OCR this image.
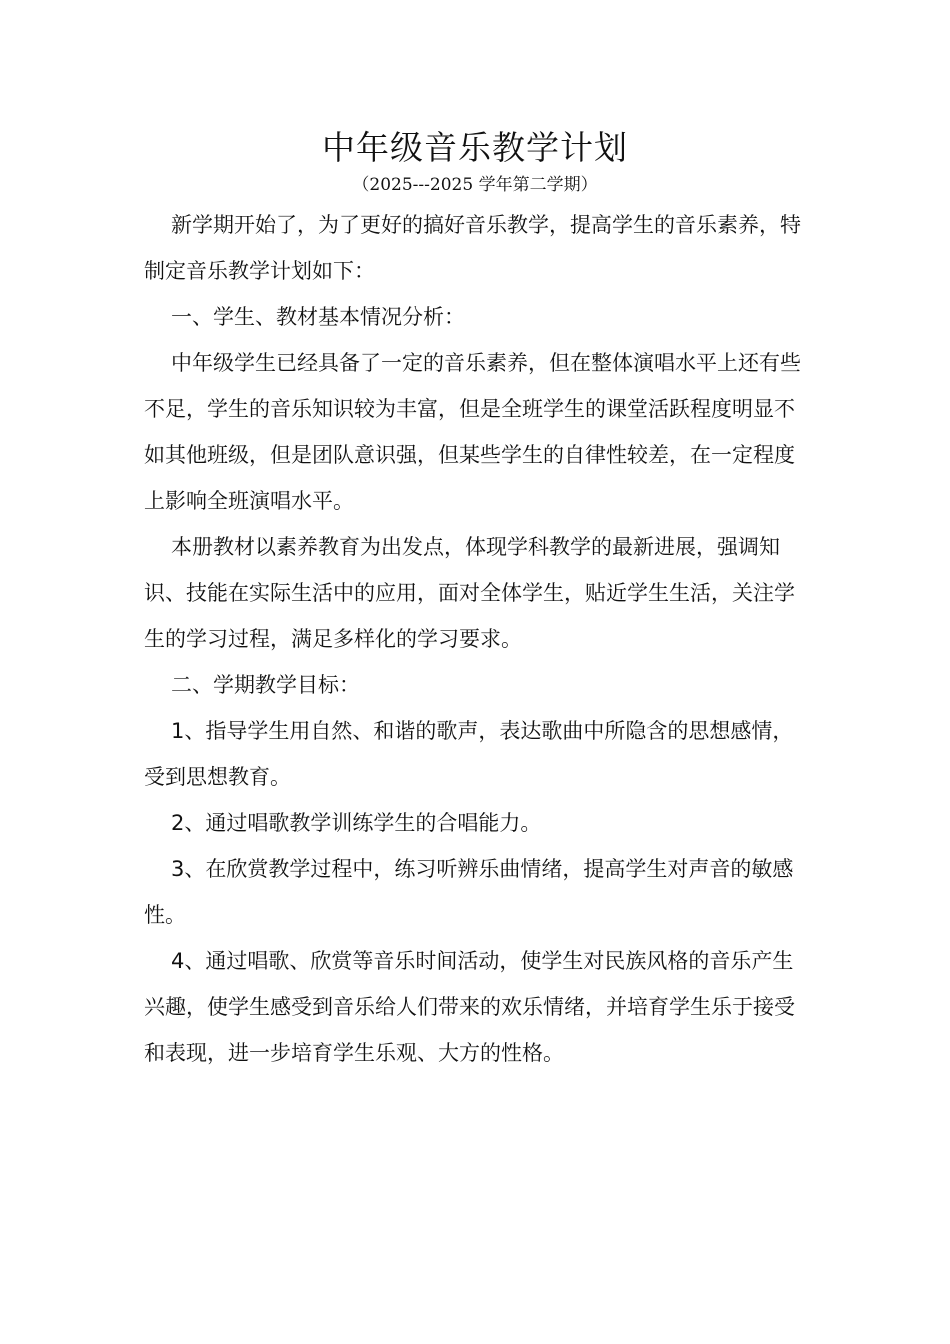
中年级音乐教学计划
（2025---2025 学年第二学期）

新学期开始了，为了更好的搞好音乐教学，提高学生的音乐素养，特制定音乐教学计划如下：

一、学生、教材基本情况分析：

中年级学生已经具备了一定的音乐素养，但在整体演唱水平上还有些不足，学生的音乐知识较为丰富，但是全班学生的课堂活跃程度明显不如其他班级，但是团队意识强，但某些学生的自律性较差，在一定程度上影响全班演唱水平。

本册教材以素养教育为出发点，体现学科教学的最新进展，强调知识、技能在实际生活中的应用，面对全体学生，贴近学生生活，关注学生的学习过程，满足多样化的学习要求。

二、学期教学目标：

1、指导学生用自然、和谐的歌声，表达歌曲中所隐含的思想感情，受到思想教育。

2、通过唱歌教学训练学生的合唱能力。

3、在欣赏教学过程中，练习听辨乐曲情绪，提高学生对声音的敏感性。

4、通过唱歌、欣赏等音乐时间活动，使学生对民族风格的音乐产生兴趣，使学生感受到音乐给人们带来的欢乐情绪，并培育学生乐于接受和表现，进一步培育学生乐观、大方的性格。
